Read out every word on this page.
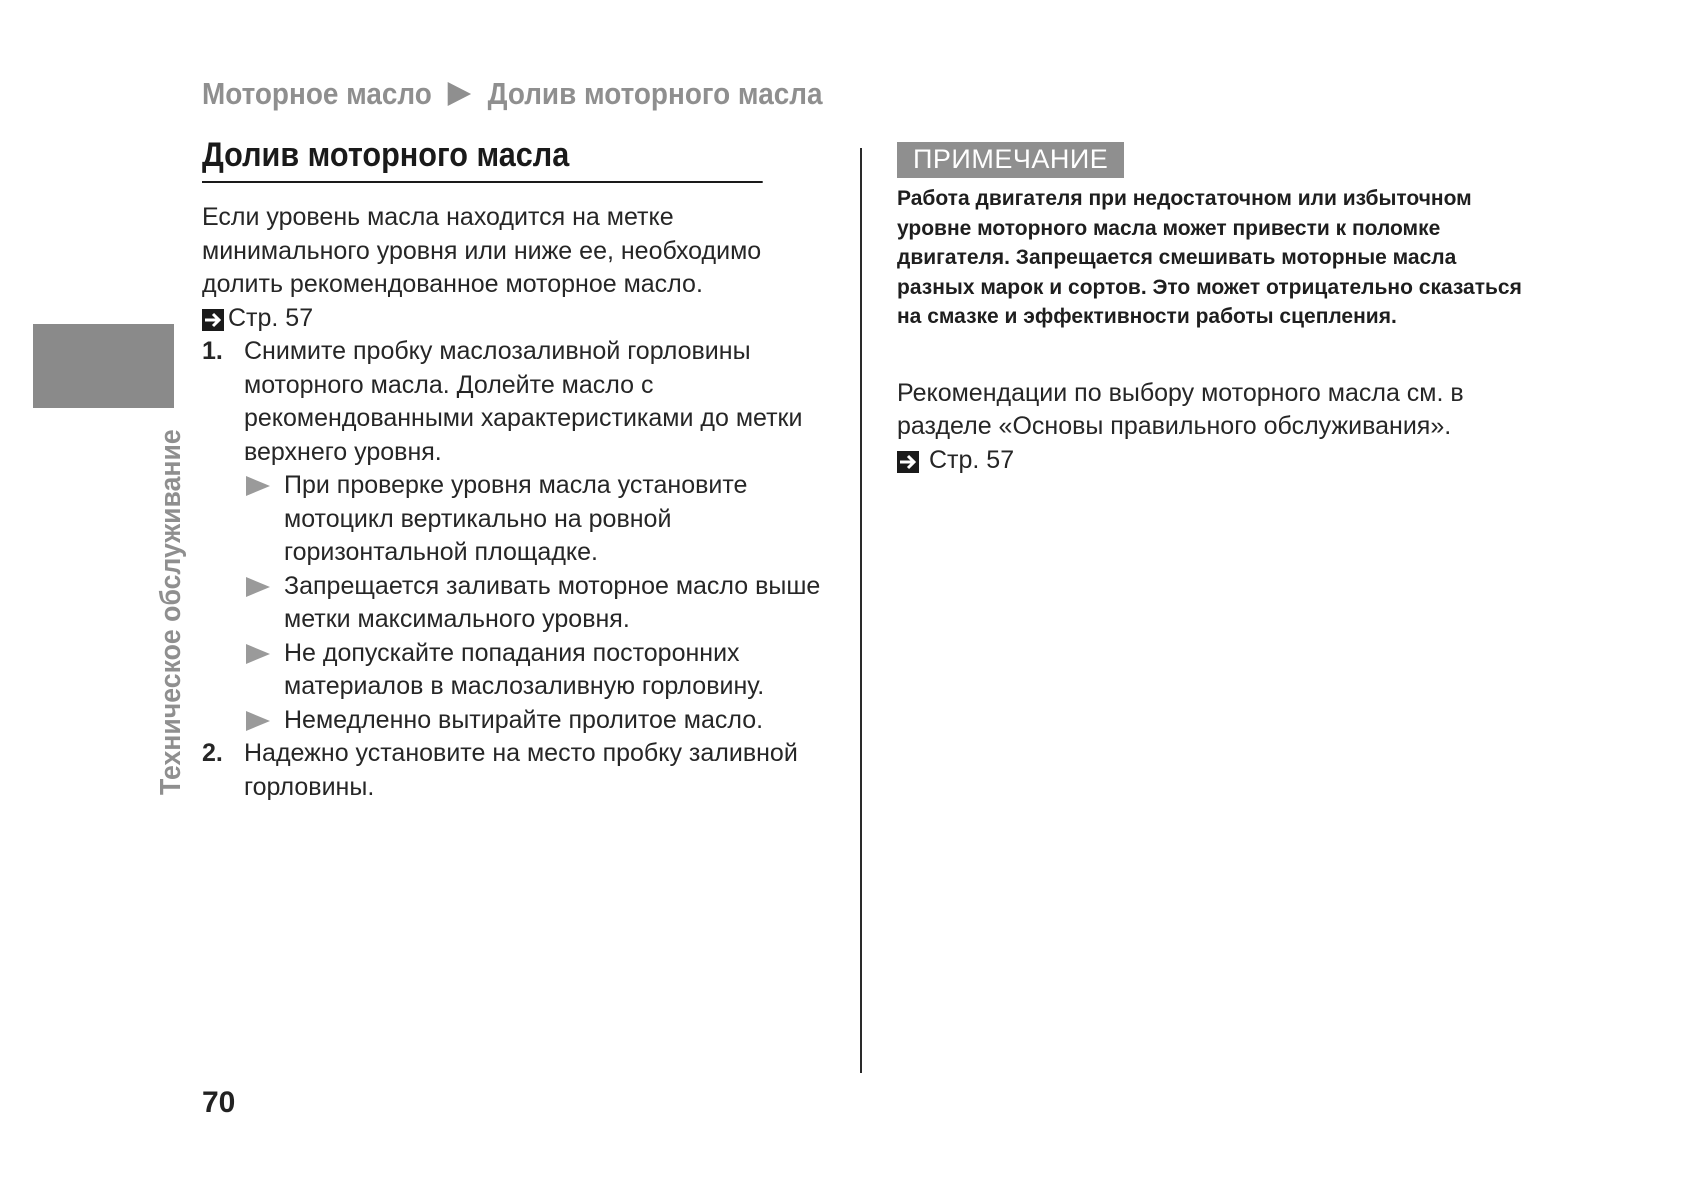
Моторное масло Долив моторного масла
Техническое обслуживание
Долив моторного масла
Если уровень масла находится на метке минимального уровня или ниже ее, необходимо долить рекомендованное моторное масло.
Стр. 57
1. Снимите пробку маслозаливной горловины моторного масла. Долейте масло с рекомендованными характеристиками до метки верхнего уровня.
При проверке уровня масла установите мотоцикл вертикально на ровной горизонтальной площадке.
Запрещается заливать моторное масло выше метки максимального уровня.
Не допускайте попадания посторонних материалов в маслозаливную горловину.
Немедленно вытирайте пролитое масло.
2. Надежно установите на место пробку заливной горловины.
ПРИМЕЧАНИЕ
Работа двигателя при недостаточном или избыточном уровне моторного масла может привести к поломке двигателя. Запрещается смешивать моторные масла разных марок и сортов. Это может отрицательно сказаться на смазке и эффективности работы сцепления.
Рекомендации по выбору моторного масла см. в разделе «Основы правильного обслуживания».
Стр. 57
70
